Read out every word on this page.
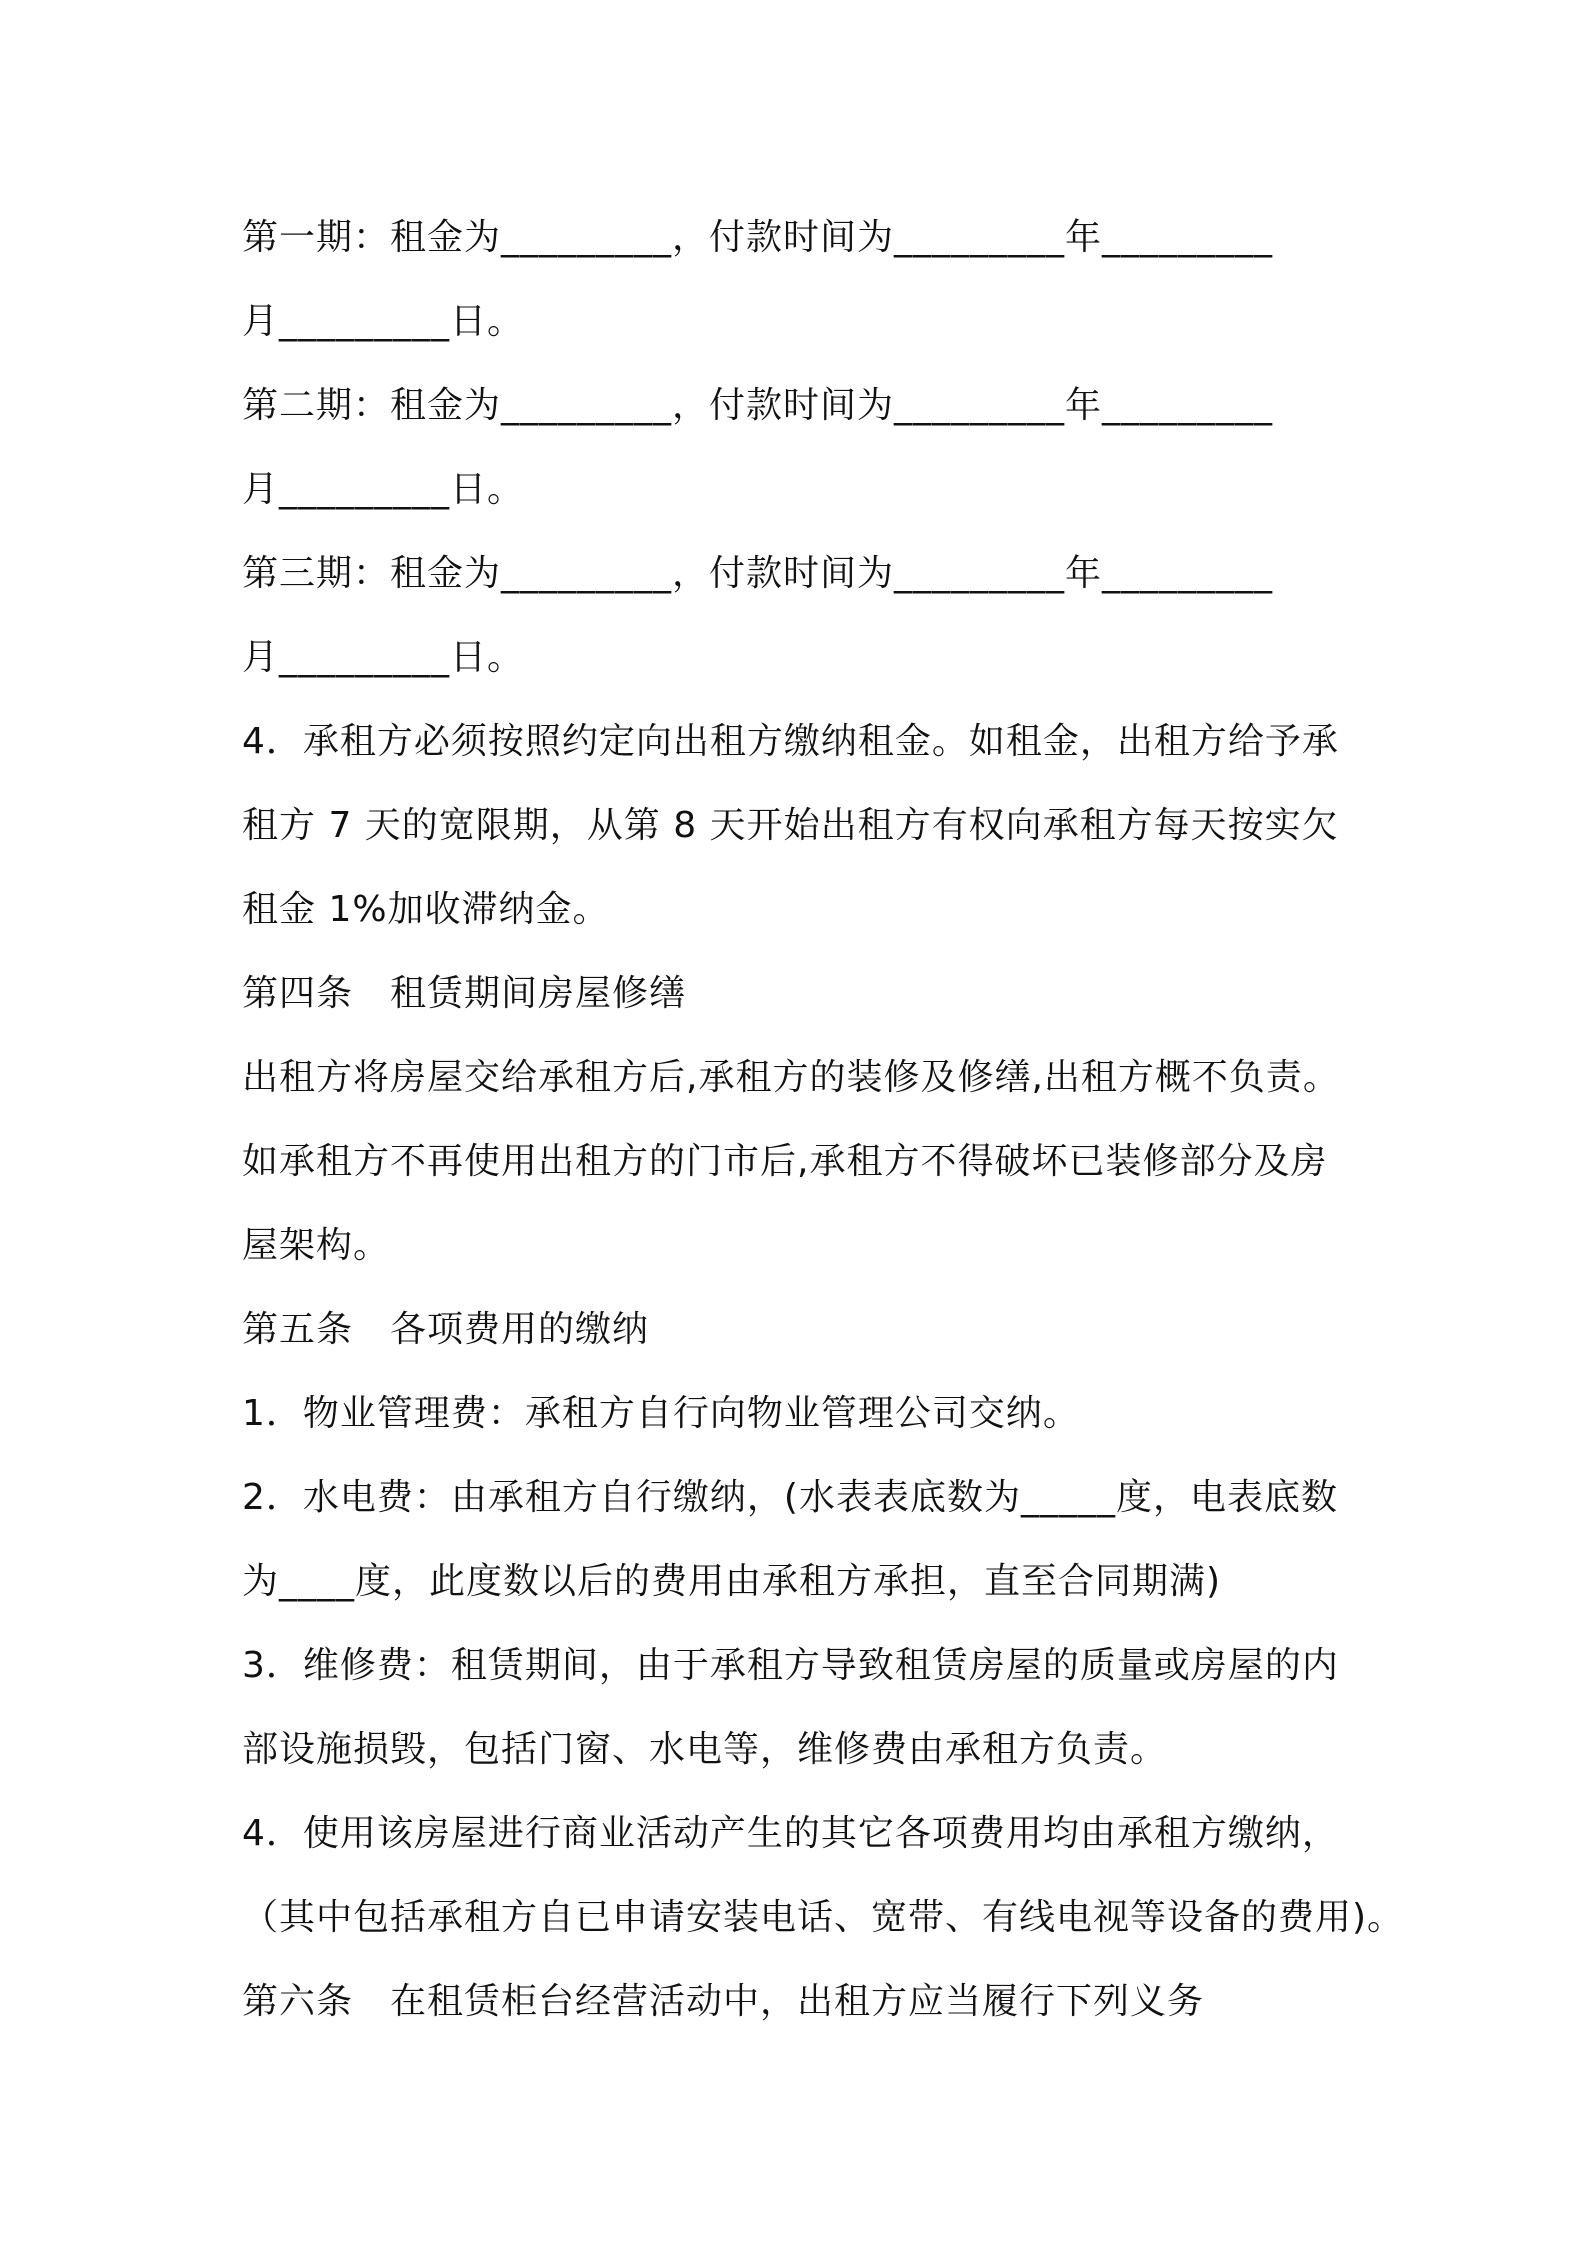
第一期：租金为_________，付款时间为_________年_________
月_________日。
第二期：租金为_________，付款时间为_________年_________
月_________日。
第三期：租金为_________，付款时间为_________年_________
月_________日。
4．承租方必须按照约定向出租方缴纳租金。如租金，出租方给予承
租方 7 天的宽限期，从第 8 天开始出租方有权向承租方每天按实欠
租金 1%加收滞纳金。
第四条　租赁期间房屋修缮
出租方将房屋交给承租方后,承租方的装修及修缮,出租方概不负责。
如承租方不再使用出租方的门市后,承租方不得破坏已装修部分及房
屋架构。
第五条　各项费用的缴纳
1．物业管理费：承租方自行向物业管理公司交纳。
2．水电费：由承租方自行缴纳，(水表表底数为_____度，电表底数
为____度，此度数以后的费用由承租方承担，直至合同期满)
3．维修费：租赁期间，由于承租方导致租赁房屋的质量或房屋的内
部设施损毁，包括门窗、水电等，维修费由承租方负责。
4．使用该房屋进行商业活动产生的其它各项费用均由承租方缴纳，
（其中包括承租方自已申请安装电话、宽带、有线电视等设备的费用)。
第六条　在租赁柜台经营活动中，出租方应当履行下列义务
